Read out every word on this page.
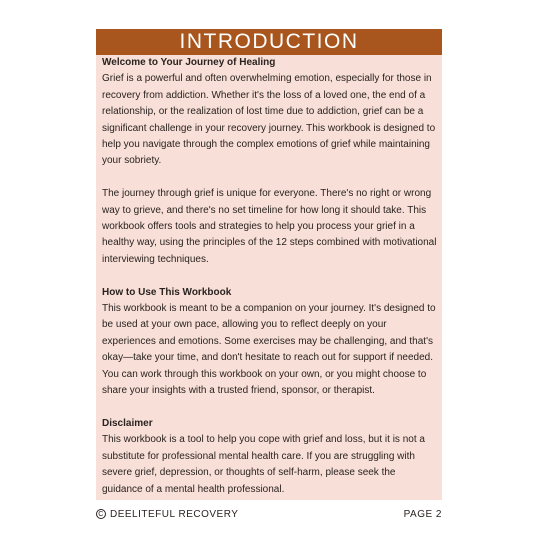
INTRODUCTION
Welcome to Your Journey of Healing

Grief is a powerful and often overwhelming emotion, especially for those in recovery from addiction. Whether it's the loss of a loved one, the end of a relationship, or the realization of lost time due to addiction, grief can be a significant challenge in your recovery journey. This workbook is designed to help you navigate through the complex emotions of grief while maintaining your sobriety.

The journey through grief is unique for everyone. There's no right or wrong way to grieve, and there's no set timeline for how long it should take. This workbook offers tools and strategies to help you process your grief in a healthy way, using the principles of the 12 steps combined with motivational interviewing techniques.

How to Use This Workbook

This workbook is meant to be a companion on your journey. It's designed to be used at your own pace, allowing you to reflect deeply on your experiences and emotions. Some exercises may be challenging, and that's okay—take your time, and don't hesitate to reach out for support if needed. You can work through this workbook on your own, or you might choose to share your insights with a trusted friend, sponsor, or therapist.

Disclaimer

This workbook is a tool to help you cope with grief and loss, but it is not a substitute for professional mental health care. If you are struggling with severe grief, depression, or thoughts of self-harm, please seek the guidance of a mental health professional.

C DEELITEFUL RECOVERY	PAGE 2
